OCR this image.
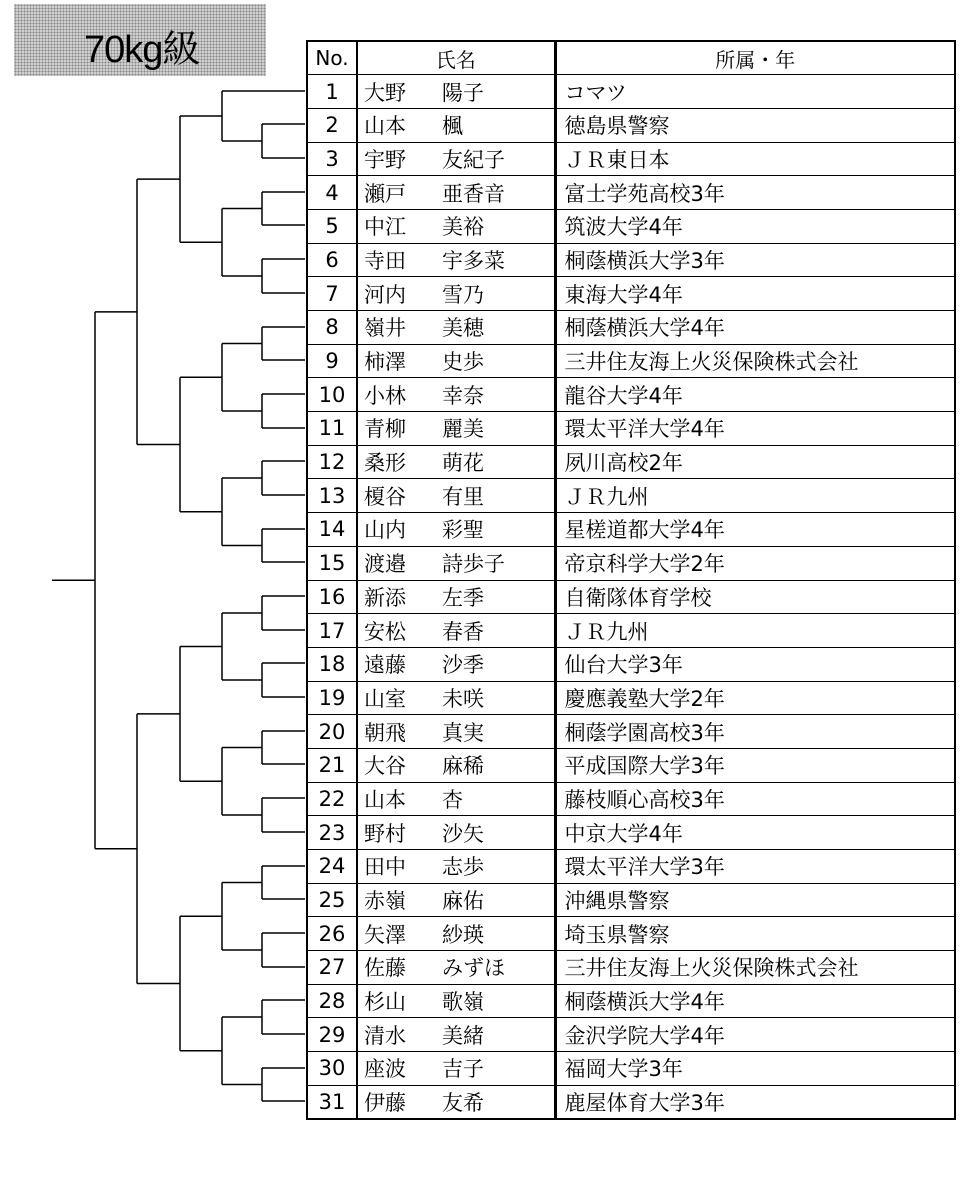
70kg級	No.	氏名	所属・年
1	大野 陽子	コマツ
2	山本 楓	徳島県警察
3	宇野 友紀子	ＪＲ東日本
4	瀬戸 亜香音	富士学苑高校3年
5	中江 美裕	筑波大学4年
6	寺田 宇多菜	桐蔭横浜大学3年
7	河内 雪乃	東海大学4年
8	嶺井 美穂	桐蔭横浜大学4年
9	柿澤 史歩	三井住友海上火災保険株式会社
10	小林 幸奈	龍谷大学4年
11	青柳 麗美	環太平洋大学4年
12	桑形 萌花	夙川高校2年
13	榎谷 有里	ＪＲ九州
14	山内 彩聖	星槎道都大学4年
15	渡邉 詩歩子	帝京科学大学2年
16	新添 左季	自衛隊体育学校
17	安松 春香	ＪＲ九州
18	遠藤 沙季	仙台大学3年
19	山室 未咲	慶應義塾大学2年
20	朝飛 真実	桐蔭学園高校3年
21	大谷 麻稀	平成国際大学3年
22	山本 杏	藤枝順心高校3年
23	野村 沙矢	中京大学4年
24	田中 志歩	環太平洋大学3年
25	赤嶺 麻佑	沖縄県警察
26	矢澤 紗瑛	埼玉県警察
27	佐藤 みずほ	三井住友海上火災保険株式会社
28	杉山 歌嶺	桐蔭横浜大学4年
29	清水 美緒	金沢学院大学4年
30	座波 吉子	福岡大学3年
31	伊藤 友希	鹿屋体育大学3年
